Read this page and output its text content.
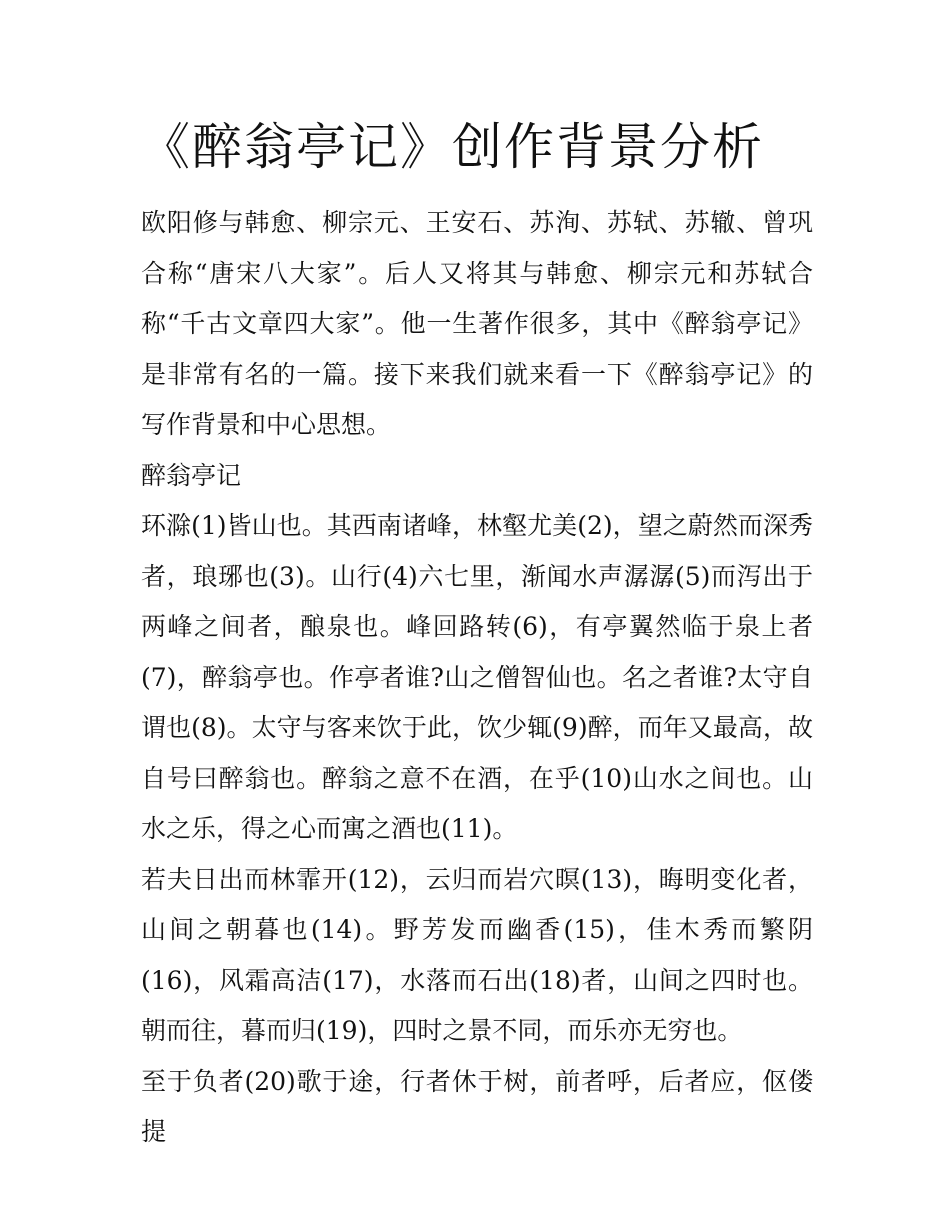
《醉翁亭记》创作背景分析

欧阳修与韩愈、柳宗元、王安石、苏洵、苏轼、苏辙、曾巩合称“唐宋八大家”。后人又将其与韩愈、柳宗元和苏轼合称“千古文章四大家”。他一生著作很多，其中《醉翁亭记》是非常有名的一篇。接下来我们就来看一下《醉翁亭记》的写作背景和中心思想。

醉翁亭记

环滁(1)皆山也。其西南诸峰，林壑尤美(2)，望之蔚然而深秀者，琅琊也(3)。山行(4)六七里，渐闻水声潺潺(5)而泻出于两峰之间者，酿泉也。峰回路转(6)，有亭翼然临于泉上者(7)，醉翁亭也。作亭者谁?山之僧智仙也。名之者谁?太守自谓也(8)。太守与客来饮于此，饮少辄(9)醉，而年又最高，故自号曰醉翁也。醉翁之意不在酒，在乎(10)山水之间也。山水之乐，得之心而寓之酒也(11)。

若夫日出而林霏开(12)，云归而岩穴暝(13)，晦明变化者，山间之朝暮也(14)。野芳发而幽香(15)，佳木秀而繁阴(16)，风霜高洁(17)，水落而石出(18)者，山间之四时也。朝而往，暮而归(19)，四时之景不同，而乐亦无穷也。

至于负者(20)歌于途，行者休于树，前者呼，后者应，伛偻提
